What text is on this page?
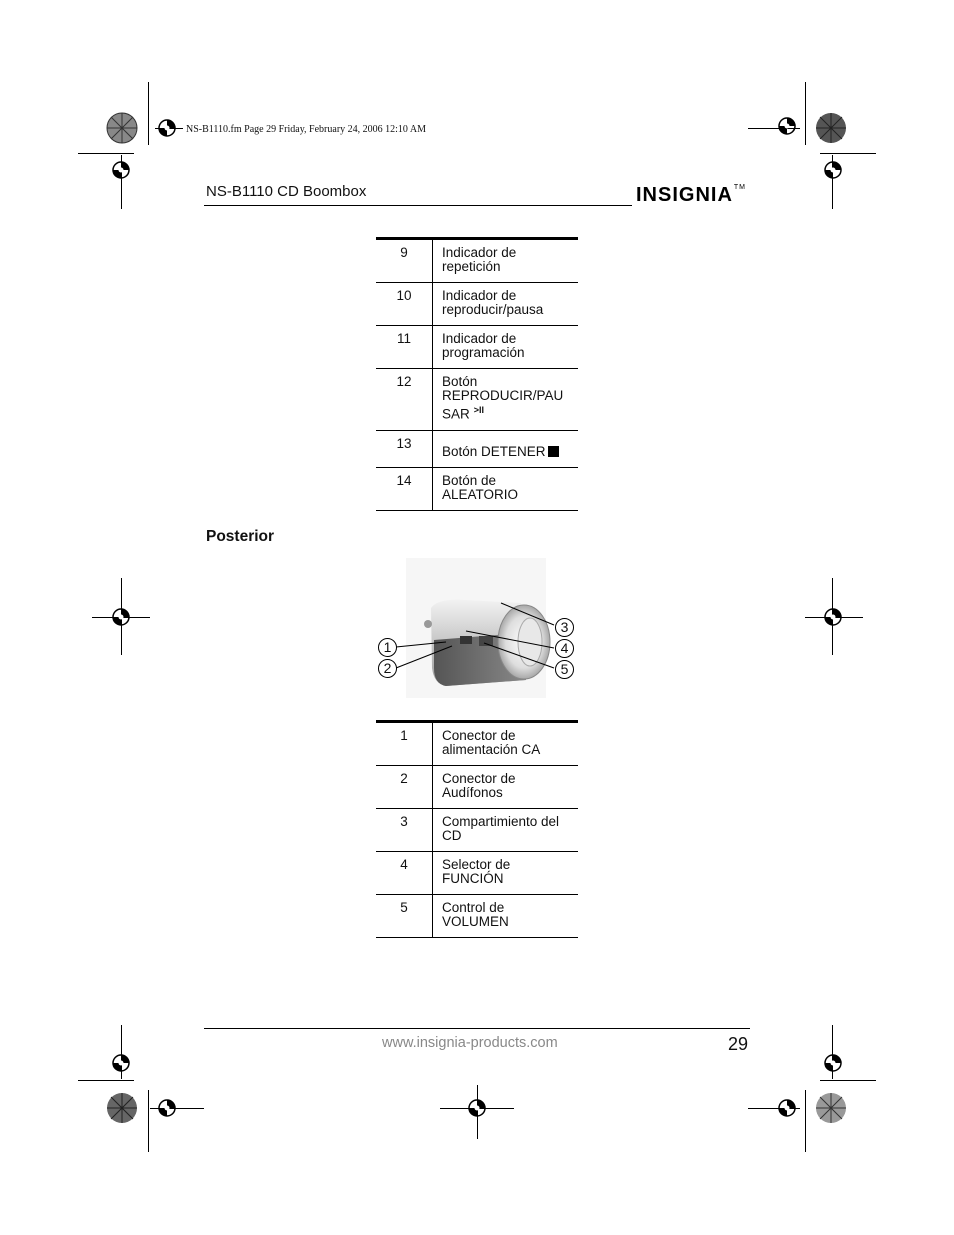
NS-B1110.fm Page 29 Friday, February 24, 2006 12:10 AM
NS-B1110 CD Boombox	INSIGNIA™
9	Indicador de
repetición

10	Indicador de
reproducir/pausa

11	Indicador de
programación

12	Botón
REPRODUCIR/PAU
SAR $^{>II}$

13	Botón DETENER

14	Botón de
ALEATORIO
Posterior
1
2
3
4
5
1	Conector de
alimentación CA

2	Conector de
Audífonos

3	Compartimiento del
CD

4	Selector de
FUNCIÓN

5	Control de
VOLUMEN
www.insignia-products.com	29
